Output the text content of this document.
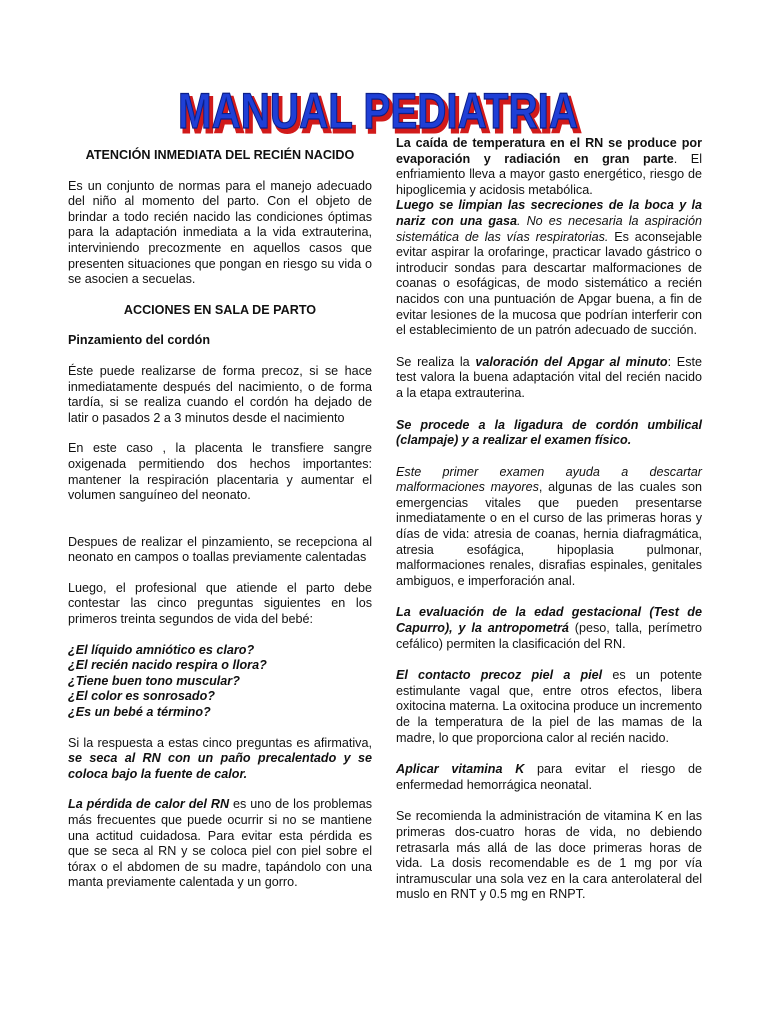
MANUAL PEDIATRIA
MANUAL PEDIATRIA

ATENCIÓN INMEDIATA DEL RECIÉN NACIDO

Es un conjunto de normas para el manejo adecuado del niño al momento del parto. Con el objeto de brindar a todo recién nacido las condiciones óptimas para la adaptación inmediata a la vida extrauterina, interviniendo precozmente en aquellos casos que presenten situaciones que pongan en riesgo su vida o se asocien a secuelas.

ACCIONES EN SALA DE PARTO

Pinzamiento del cordón

Éste puede realizarse de forma precoz, si se hace inmediatamente después del nacimiento, o de forma tardía, si se realiza cuando el cordón ha dejado de latir o pasados 2 a 3 minutos desde el nacimiento

En este caso , la placenta le transfiere sangre oxigenada permitiendo dos hechos importantes: mantener la respiración placentaria y aumentar el volumen sanguíneo del neonato.

Despues de realizar el pinzamiento, se recepciona al neonato en campos o toallas previamente calentadas

Luego, el profesional que atiende el parto debe contestar las cinco preguntas siguientes en los primeros treinta segundos de vida del bebé:

¿El líquido amniótico es claro?

¿El recién nacido respira o llora?

¿Tiene buen tono muscular?

¿El color es sonrosado?

¿Es un bebé a término?

Si la respuesta a estas cinco preguntas es afirmativa, se seca al RN con un paño precalentado y se coloca bajo la fuente de calor.

La pérdida de calor del RN es uno de los problemas más frecuentes que puede ocurrir si no se mantiene una actitud cuidadosa. Para evitar esta pérdida es que se seca al RN y se coloca piel con piel sobre el tórax o el abdomen de su madre, tapándolo con una manta previamente calentada y un gorro.

La caída de temperatura en el RN se produce por evaporación y radiación en gran parte. El enfriamiento lleva a mayor gasto energético, riesgo de hipoglicemia y acidosis metabólica.

Luego se limpian las secreciones de la boca y la nariz con una gasa. No es necesaria la aspiración sistemática de las vías respiratorias. Es aconsejable evitar aspirar la orofaringe, practicar lavado gástrico o introducir sondas para descartar malformaciones de coanas o esofágicas, de modo sistemático a recién nacidos con una puntuación de Apgar buena, a fin de evitar lesiones de la mucosa que podrían interferir con el establecimiento de un patrón adecuado de succión.

Se realiza la valoración del Apgar al minuto: Este test valora la buena adaptación vital del recién nacido a la etapa extrauterina.

Se procede a la ligadura de cordón umbilical (clampaje) y a realizar el examen físico.

Este primer examen ayuda a descartar malformaciones mayores, algunas de las cuales son emergencias vitales que pueden presentarse inmediatamente o en el curso de las primeras horas y días de vida: atresia de coanas, hernia diafragmática, atresia esofágica, hipoplasia pulmonar, malformaciones renales, disrafias espinales, genitales ambiguos, e imperforación anal.

La evaluación de la edad gestacional (Test de Capurro), y la antropometrá (peso, talla, perímetro cefálico) permiten la clasificación del RN.

El contacto precoz piel a piel es un potente estimulante vagal que, entre otros efectos, libera oxitocina materna. La oxitocina produce un incremento de la temperatura de la piel de las mamas de la madre, lo que proporciona calor al recién nacido.

Aplicar vitamina K para evitar el riesgo de enfermedad hemorrágica neonatal.

Se recomienda la administración de vitamina K en las primeras dos-cuatro horas de vida, no debiendo retrasarla más allá de las doce primeras horas de vida. La dosis recomendable es de 1 mg por vía intramuscular una sola vez en la cara anterolateral del muslo en RNT y 0.5 mg en RNPT.
